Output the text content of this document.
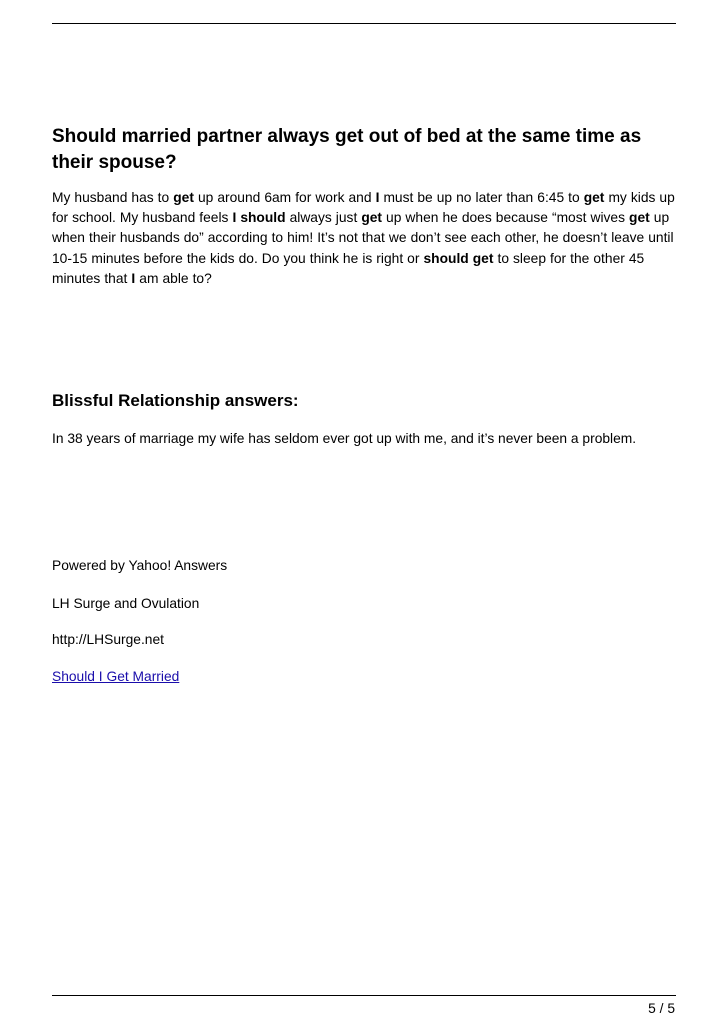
Should married partner always get out of bed at the same time as their spouse?

My husband has to get up around 6am for work and I must be up no later than 6:45 to get my kids up for school. My husband feels I should always just get up when he does because “most wives get up when their husbands do” according to him! It’s not that we don’t see each other, he doesn’t leave until 10-15 minutes before the kids do. Do you think he is right or should get to sleep for the other 45 minutes that I am able to?

Blissful Relationship answers:

In 38 years of marriage my wife has seldom ever got up with me, and it’s never been a problem.

Powered by Yahoo! Answers

LH Surge and Ovulation

http://LHSurge.net

Should I Get Married

5 / 5
